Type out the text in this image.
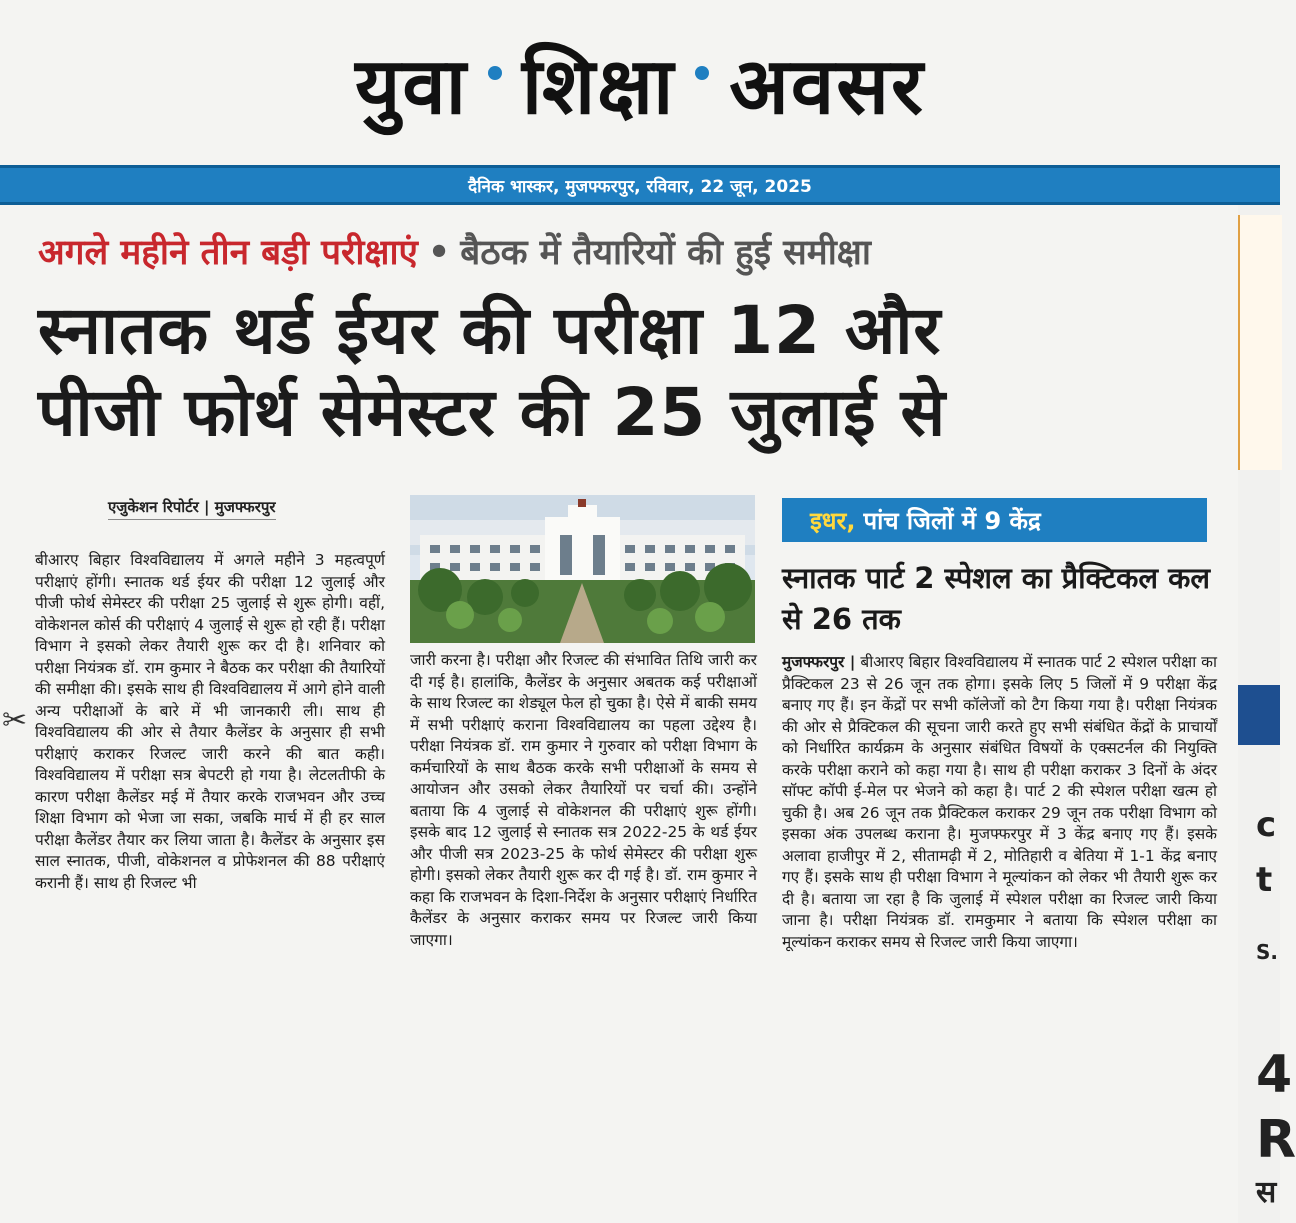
युवा शिक्षा अवसर
दैनिक भास्कर, मुजफ्फरपुर, रविवार, 22 जून, 2025
अगले महीने तीन बड़ी परीक्षाएं • बैठक में तैयारियों की हुई समीक्षा
स्नातक थर्ड ईयर की परीक्षा 12 और
पीजी फोर्थ सेमेस्टर की 25 जुलाई से
एजुकेशन रिपोर्टर | मुजफ्फरपुर
✂
बीआरए बिहार विश्वविद्यालय में अगले महीने 3 महत्वपूर्ण परीक्षाएं होंगी। स्नातक थर्ड ईयर की परीक्षा 12 जुलाई और पीजी फोर्थ सेमेस्टर की परीक्षा 25 जुलाई से शुरू होगी। वहीं, वोकेशनल कोर्स की परीक्षाएं 4 जुलाई से शुरू हो रही हैं। परीक्षा विभाग ने इसको लेकर तैयारी शुरू कर दी है। शनिवार को परीक्षा नियंत्रक डॉ. राम कुमार ने बैठक कर परीक्षा की तैयारियों की समीक्षा की। इसके साथ ही विश्वविद्यालय में आगे होने वाली अन्य परीक्षाओं के बारे में भी जानकारी ली। साथ ही विश्वविद्यालय की ओर से तैयार कैलेंडर के अनुसार ही सभी परीक्षाएं कराकर रिजल्ट जारी करने की बात कही। विश्वविद्यालय में परीक्षा सत्र बेपटरी हो गया है। लेटलतीफी के कारण परीक्षा कैलेंडर मई में तैयार करके राजभवन और उच्च शिक्षा विभाग को भेजा जा सका, जबकि मार्च में ही हर साल परीक्षा कैलेंडर तैयार कर लिया जाता है। कैलेंडर के अनुसार इस साल स्नातक, पीजी, वोकेशनल व प्रोफेशनल की 88 परीक्षाएं करानी हैं। साथ ही रिजल्ट भी
जारी करना है। परीक्षा और रिजल्ट की संभावित तिथि जारी कर दी गई है। हालांकि, कैलेंडर के अनुसार अबतक कई परीक्षाओं के साथ रिजल्ट का शेड्यूल फेल हो चुका है। ऐसे में बाकी समय में सभी परीक्षाएं कराना विश्वविद्यालय का पहला उद्देश्य है। परीक्षा नियंत्रक डॉ. राम कुमार ने गुरुवार को परीक्षा विभाग के कर्मचारियों के साथ बैठक करके सभी परीक्षाओं के समय से आयोजन और उसको लेकर तैयारियों पर चर्चा की। उन्होंने बताया कि 4 जुलाई से वोकेशनल की परीक्षाएं शुरू होंगी। इसके बाद 12 जुलाई से स्नातक सत्र 2022-25 के थर्ड ईयर और पीजी सत्र 2023-25 के फोर्थ सेमेस्टर की परीक्षा शुरू होगी। इसको लेकर तैयारी शुरू कर दी गई है। डॉ. राम कुमार ने कहा कि राजभवन के दिशा-निर्देश के अनुसार परीक्षाएं निर्धारित कैलेंडर के अनुसार कराकर समय पर रिजल्ट जारी किया जाएगा।
इधर, पांच जिलों में 9 केंद्र
स्नातक पार्ट 2 स्पेशल का प्रैक्टिकल कल से 26 तक
मुजफ्फरपुर | बीआरए बिहार विश्वविद्यालय में स्नातक पार्ट 2 स्पेशल परीक्षा का प्रैक्टिकल 23 से 26 जून तक होगा। इसके लिए 5 जिलों में 9 परीक्षा केंद्र बनाए गए हैं। इन केंद्रों पर सभी कॉलेजों को टैग किया गया है। परीक्षा नियंत्रक की ओर से प्रैक्टिकल की सूचना जारी करते हुए सभी संबंधित केंद्रों के प्राचार्यों को निर्धारित कार्यक्रम के अनुसार संबंधित विषयों के एक्सटर्नल की नियुक्ति करके परीक्षा कराने को कहा गया है। साथ ही परीक्षा कराकर 3 दिनों के अंदर सॉफ्ट कॉपी ई-मेल पर भेजने को कहा है। पार्ट 2 की स्पेशल परीक्षा खत्म हो चुकी है। अब 26 जून तक प्रैक्टिकल कराकर 29 जून तक परीक्षा विभाग को इसका अंक उपलब्ध कराना है। मुजफ्फरपुर में 3 केंद्र बनाए गए हैं। इसके अलावा हाजीपुर में 2, सीतामढ़ी में 2, मोतिहारी व बेतिया में 1-1 केंद्र बनाए गए हैं। इसके साथ ही परीक्षा विभाग ने मूल्यांकन को लेकर भी तैयारी शुरू कर दी है। बताया जा रहा है कि जुलाई में स्पेशल परीक्षा का रिजल्ट जारी किया जाना है। परीक्षा नियंत्रक डॉ. रामकुमार ने बताया कि स्पेशल परीक्षा का मूल्यांकन कराकर समय से रिजल्ट जारी किया जाएगा।
c
t
S.
4
R
स
